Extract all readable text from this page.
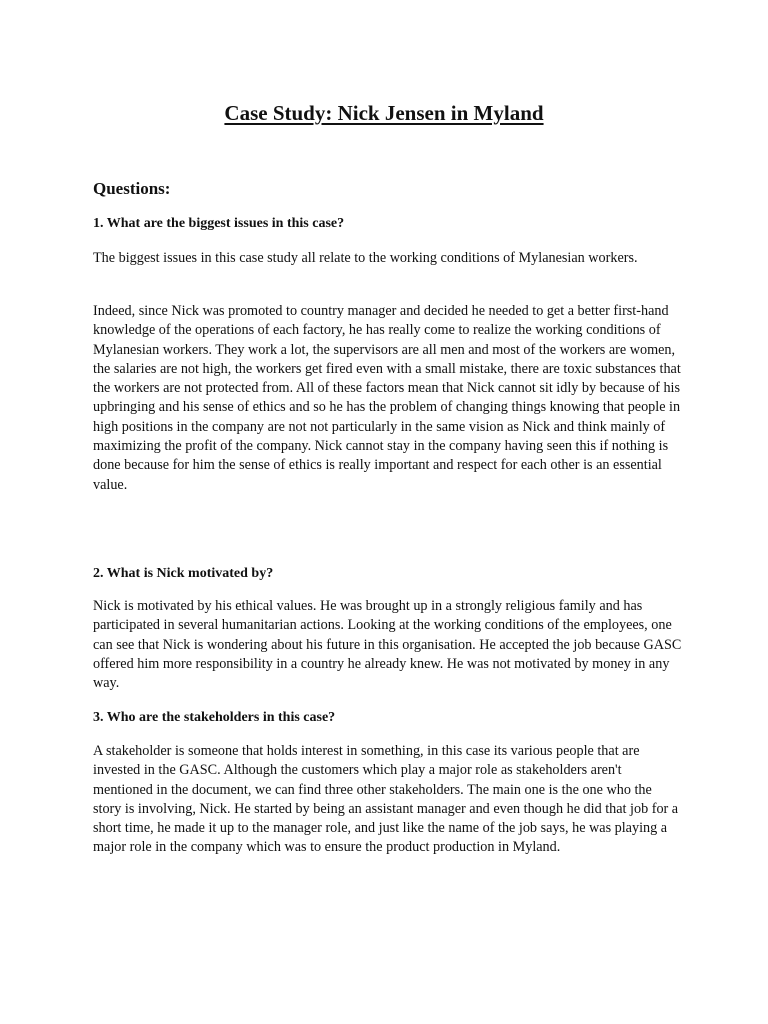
Case Study: Nick Jensen in Myland
Questions:

1. What are the biggest issues in this case?

The biggest issues in this case study all relate to the working conditions of Mylanesian workers.

Indeed, since Nick was promoted to country manager and decided he needed to get a better first-hand knowledge of the operations of each factory, he has really come to realize the working conditions of Mylanesian workers. They work a lot, the supervisors are all men and most of the workers are women, the salaries are not high, the workers get fired even with a small mistake, there are toxic substances that the workers are not protected from. All of these factors mean that Nick cannot sit idly by because of his upbringing and his sense of ethics and so he has the problem of changing things knowing that people in high positions in the company are not not particularly in the same vision as Nick and think mainly of maximizing the profit of the company. Nick cannot stay in the company having seen this if nothing is done because for him the sense of ethics is really important and respect for each other is an essential value.

2. What is Nick motivated by?

Nick is motivated by his ethical values. He was brought up in a strongly religious family and has participated in several humanitarian actions. Looking at the working conditions of the employees, one can see that Nick is wondering about his future in this organisation. He accepted the job because GASC offered him more responsibility in a country he already knew. He was not motivated by money in any way.

3. Who are the stakeholders in this case?

A stakeholder is someone that holds interest in something, in this case its various people that are invested in the GASC. Although the customers which play a major role as stakeholders aren't mentioned in the document, we can find three other stakeholders. The main one is the one who the story is involving, Nick. He started by being an assistant manager and even though he did that job for a short time, he made it up to the manager role, and just like the name of the job says, he was playing a major role in the company which was to ensure the product production in Myland.
